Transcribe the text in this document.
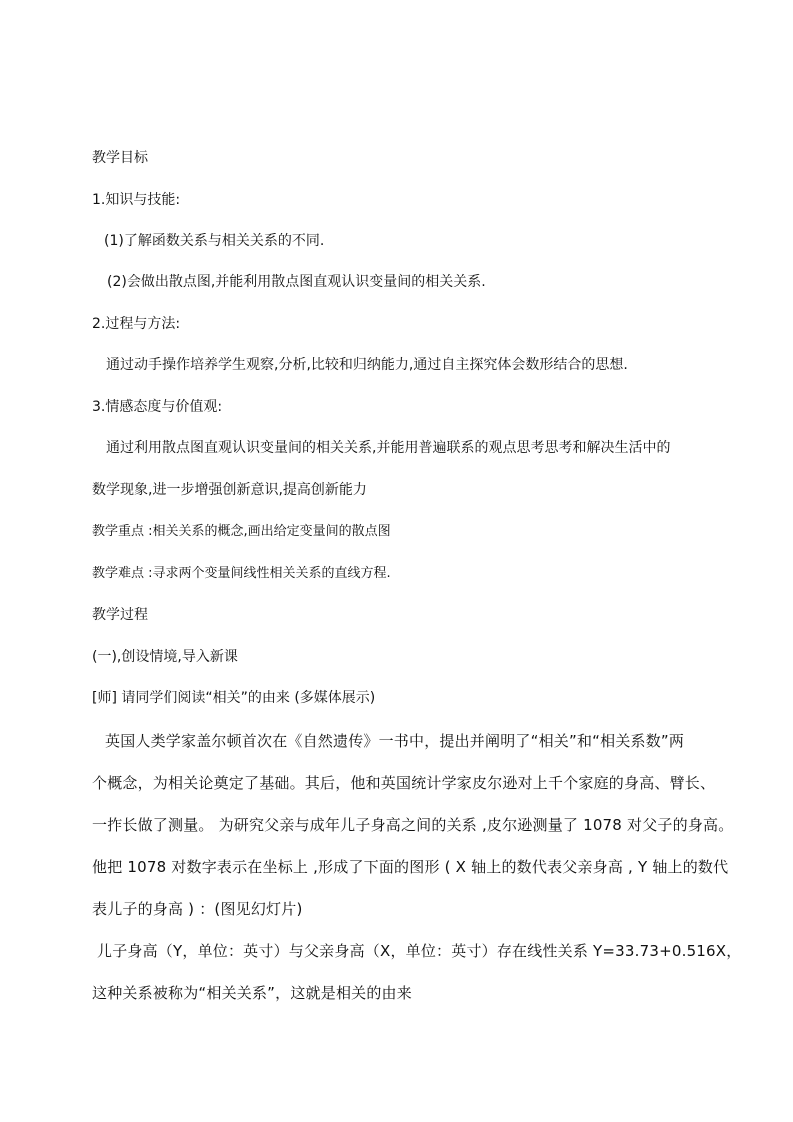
教学目标
1.知识与技能:
(1)了解函数关系与相关关系的不同.
(2)会做出散点图,并能利用散点图直观认识变量间的相关关系.
2.过程与方法:
通过动手操作培养学生观察,分析,比较和归纳能力,通过自主探究体会数形结合的思想.
3.情感态度与价值观:
通过利用散点图直观认识变量间的相关关系,并能用普遍联系的观点思考思考和解决生活中的
数学现象,进一步增强创新意识,提高创新能力
教学重点 :相关关系的概念,画出给定变量间的散点图
教学难点 :寻求两个变量间线性相关关系的直线方程.
教学过程
(一),创设情境,导入新课
[师] 请同学们阅读“相关”的由来 (多媒体展示)
英国人类学家盖尔顿首次在《自然遗传》一书中，提出并阐明了“相关”和“相关系数”两
个概念，为相关论奠定了基础。其后，他和英国统计学家皮尔逊对上千个家庭的身高、臂长、
一拃长做了测量。 为研究父亲与成年儿子身高之间的关系 ,皮尔逊测量了 1078 对父子的身高。
他把 1078 对数字表示在坐标上 ,形成了下面的图形 ( X 轴上的数代表父亲身高 , Y 轴上的数代
表儿子的身高 ) ：(图见幻灯片)
儿子身高（Y，单位：英寸）与父亲身高（X，单位：英寸）存在线性关系 Y=33.73+0.516X，
这种关系被称为“相关关系”，这就是相关的由来
